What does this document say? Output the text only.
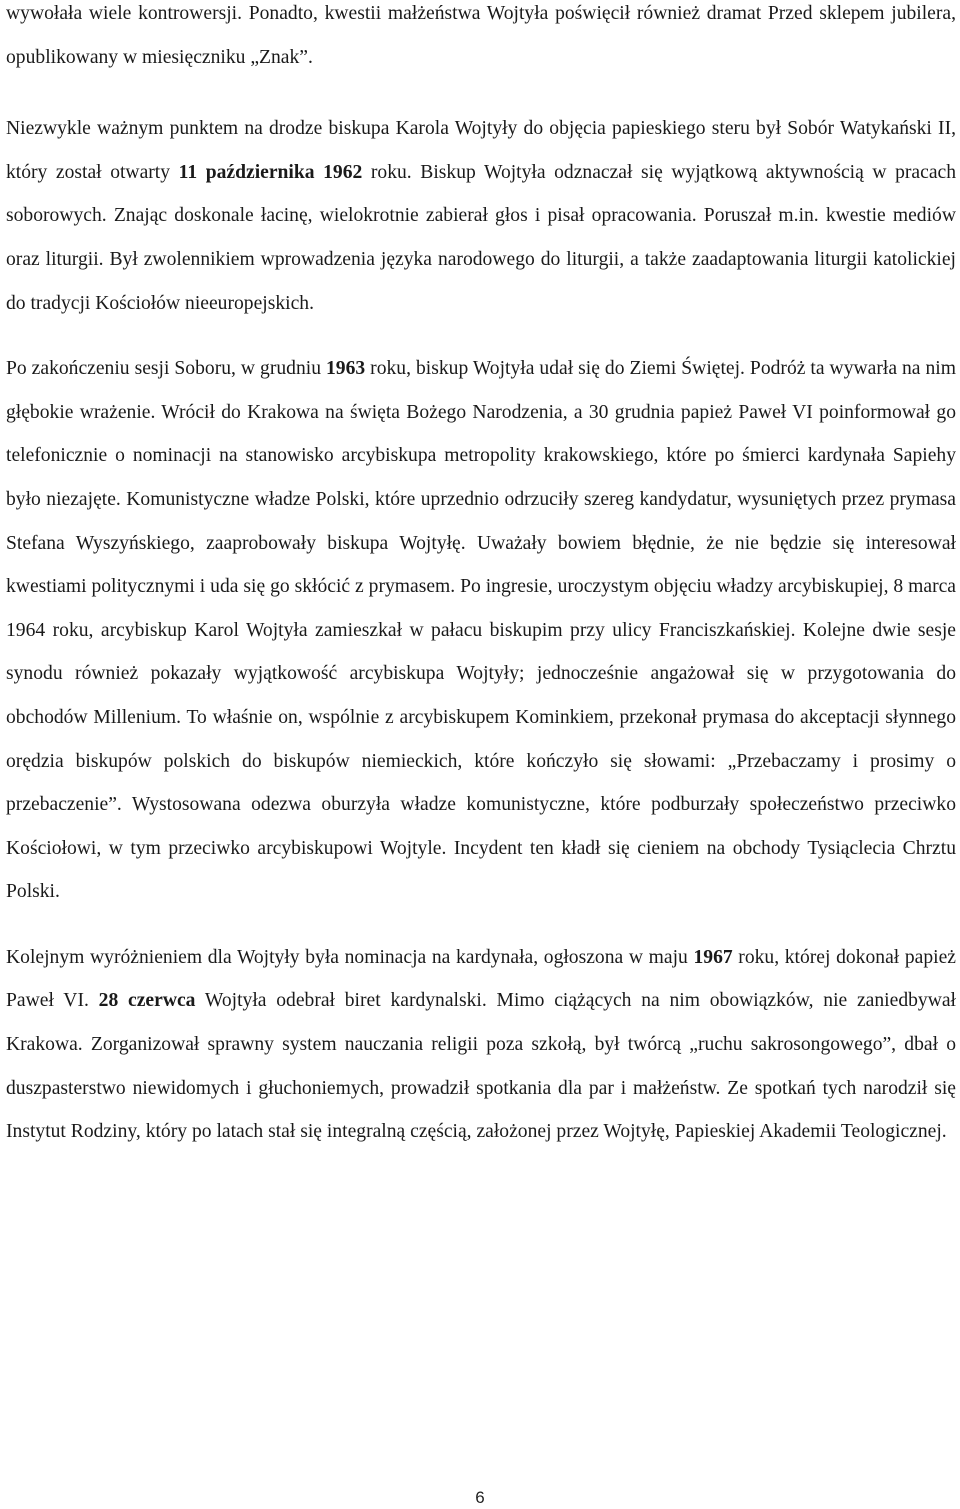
wywołała wiele kontrowersji. Ponadto, kwestii małżeństwa Wojtyła poświęcił również dramat Przed sklepem jubilera, opublikowany w miesięczniku „Znak”.

Niezwykle ważnym punktem na drodze biskupa Karola Wojtyły do objęcia papieskiego steru był Sobór Watykański II, który został otwarty 11 października 1962 roku. Biskup Wojtyła odznaczał się wyjątkową aktywnością w pracach soborowych. Znając doskonale łacinę, wielokrotnie zabierał głos i pisał opracowania. Poruszał m.in. kwestie mediów oraz liturgii. Był zwolennikiem wprowadzenia języka narodowego do liturgii, a także zaadaptowania liturgii katolickiej do tradycji Kościołów nieeuropejskich.

Po zakończeniu sesji Soboru, w grudniu 1963 roku, biskup Wojtyła udał się do Ziemi Świętej. Podróż ta wywarła na nim głębokie wrażenie. Wrócił do Krakowa na święta Bożego Narodzenia, a 30 grudnia papież Paweł VI poinformował go telefonicznie o nominacji na stanowisko arcybiskupa metropolity krakowskiego, które po śmierci kardynała Sapiehy było niezajęte. Komunistyczne władze Polski, które uprzednio odrzuciły szereg kandydatur, wysuniętych przez prymasa Stefana Wyszyńskiego, zaaprobowały biskupa Wojtyłę. Uważały bowiem błędnie, że nie będzie się interesował kwestiami politycznymi i uda się go skłócić z prymasem. Po ingresie, uroczystym objęciu władzy arcybiskupiej, 8 marca 1964 roku, arcybiskup Karol Wojtyła zamieszkał w pałacu biskupim przy ulicy Franciszkańskiej. Kolejne dwie sesje synodu również pokazały wyjątkowość arcybiskupa Wojtyły; jednocześnie angażował się w przygotowania do obchodów Millenium. To właśnie on, wspólnie z arcybiskupem Kominkiem, przekonał prymasa do akceptacji słynnego orędzia biskupów polskich do biskupów niemieckich, które kończyło się słowami: „Przebaczamy i prosimy o przebaczenie”. Wystosowana odezwa oburzyła władze komunistyczne, które podburzały społeczeństwo przeciwko Kościołowi, w tym przeciwko arcybiskupowi Wojtyle. Incydent ten kładł się cieniem na obchody Tysiąclecia Chrztu Polski.

Kolejnym wyróżnieniem dla Wojtyły była nominacja na kardynała, ogłoszona w maju 1967 roku, której dokonał papież Paweł VI. 28 czerwca Wojtyła odebrał biret kardynalski. Mimo ciążących na nim obowiązków, nie zaniedbywał Krakowa. Zorganizował sprawny system nauczania religii poza szkołą, był twórcą „ruchu sakrosongowego”, dbał o duszpasterstwo niewidomych i głuchoniemych, prowadził spotkania dla par i małżeństw. Ze spotkań tych narodził się Instytut Rodziny, który po latach stał się integralną częścią, założonej przez Wojtyłę, Papieskiej Akademii Teologicznej.

6
